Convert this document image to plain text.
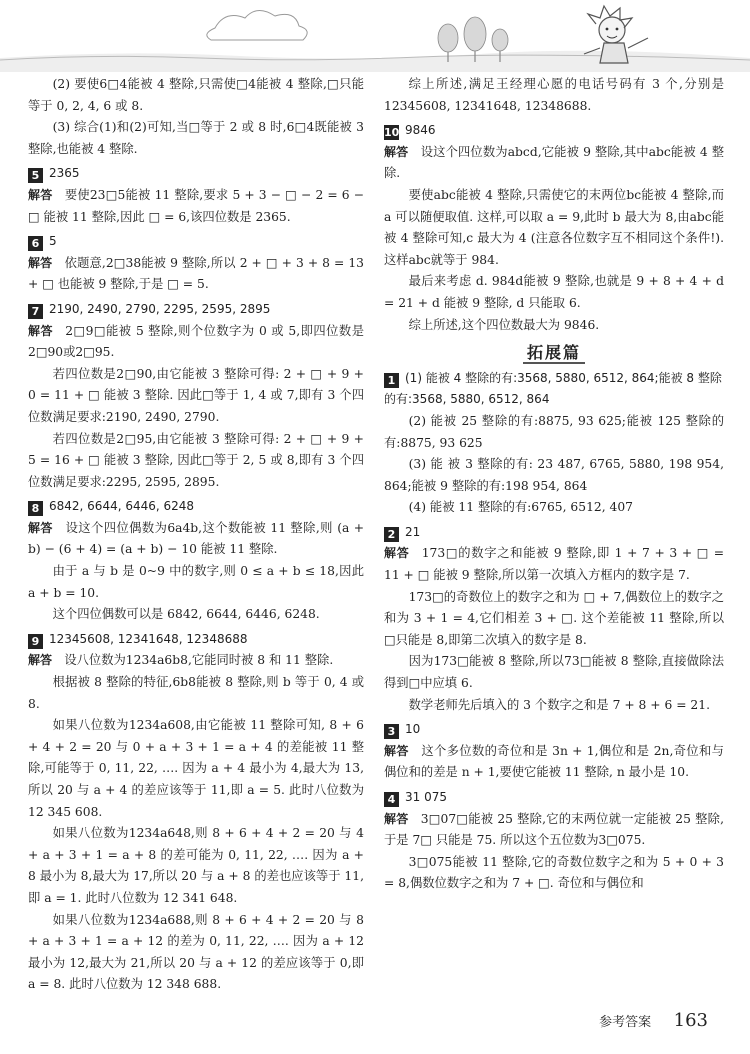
(2) 要使6□4能被 4 整除,只需使□4能被 4 整除,□只能等于 0, 2, 4, 6 或 8.

(3) 综合(1)和(2)可知,当□等于 2 或 8 时,6□4既能被 3 整除,也能被 4 整除.

5 2365

解答  要使23□5能被 11 整除,要求 5 + 3 − □ − 2 = 6 − □ 能被 11 整除,因此 □ = 6,该四位数是 2365.

6 5

解答  依题意,2□38能被 9 整除,所以 2 + □ + 3 + 8 = 13 + □ 也能被 9 整除,于是 □ = 5.

7 2190, 2490, 2790, 2295, 2595, 2895

解答  2□9□能被 5 整除,则个位数字为 0 或 5,即四位数是 2□90或2□95.

若四位数是2□90,由它能被 3 整除可得: 2 + □ + 9 + 0 = 11 + □ 能被 3 整除. 因此□等于 1, 4 或 7,即有 3 个四位数满足要求:2190, 2490, 2790.

若四位数是2□95,由它能被 3 整除可得: 2 + □ + 9 + 5 = 16 + □ 能被 3 整除, 因此□等于 2, 5 或 8,即有 3 个四位数满足要求:2295, 2595, 2895.

8 6842, 6644, 6446, 6248

解答  设这个四位偶数为6a4b,这个数能被 11 整除,则 (a + b) − (6 + 4) = (a + b) − 10 能被 11 整除.

由于 a 与 b 是 0~9 中的数字,则 0 ≤ a + b ≤ 18,因此 a + b = 10.

这个四位偶数可以是 6842, 6644, 6446, 6248.

9 12345608, 12341648, 12348688

解答  设八位数为1234a6b8,它能同时被 8 和 11 整除.

根据被 8 整除的特征,6b8能被 8 整除,则 b 等于 0, 4 或 8.

如果八位数为1234a608,由它能被 11 整除可知, 8 + 6 + 4 + 2 = 20 与 0 + a + 3 + 1 = a + 4 的差能被 11 整除,可能等于 0, 11, 22, …. 因为 a + 4 最小为 4,最大为 13,所以 20 与 a + 4 的差应该等于 11,即 a = 5. 此时八位数为 12 345 608.

如果八位数为1234a648,则 8 + 6 + 4 + 2 = 20 与 4 + a + 3 + 1 = a + 8 的差可能为 0, 11, 22, …. 因为 a + 8 最小为 8,最大为 17,所以 20 与 a + 8 的差也应该等于 11,即 a = 1. 此时八位数为 12 341 648.

如果八位数为1234a688,则 8 + 6 + 4 + 2 = 20 与 8 + a + 3 + 1 = a + 12 的差为 0, 11, 22, …. 因为 a + 12 最小为 12,最大为 21,所以 20 与 a + 12 的差应该等于 0,即 a = 8. 此时八位数为 12 348 688.

综上所述,满足王经理心愿的电话号码有 3 个,分别是 12345608, 12341648, 12348688.

10 9846

解答  设这个四位数为abcd,它能被 9 整除,其中abc能被 4 整除.

要使abc能被 4 整除,只需使它的末两位bc能被 4 整除,而 a 可以随便取值. 这样,可以取 a = 9,此时 b 最大为 8,由abc能被 4 整除可知,c 最大为 4 (注意各位数字互不相同这个条件!). 这样abc就等于 984.

最后来考虑 d. 984d能被 9 整除,也就是 9 + 8 + 4 + d = 21 + d 能被 9 整除, d 只能取 6.

综上所述,这个四位数最大为 9846.

拓展篇
1 (1) 能被 4 整除的有:3568, 5880, 6512, 864;能被 8 整除的有:3568, 5880, 6512, 864

(2) 能被 25 整除的有:8875, 93 625;能被 125 整除的有:8875, 93 625

(3) 能 被 3 整除的有: 23 487, 6765, 5880, 198 954, 864;能被 9 整除的有:198 954, 864

(4) 能被 11 整除的有:6765, 6512, 407

2 21

解答  173□的数字之和能被 9 整除,即 1 + 7 + 3 + □ = 11 + □ 能被 9 整除,所以第一次填入方框内的数字是 7.

173□的奇数位上的数字之和为 □ + 7,偶数位上的数字之和为 3 + 1 = 4,它们相差 3 + □. 这个差能被 11 整除,所以□只能是 8,即第二次填入的数字是 8.

因为173□能被 8 整除,所以73□能被 8 整除,直接做除法得到□中应填 6.

数学老师先后填入的 3 个数字之和是 7 + 8 + 6 = 21.

3 10

解答  这个多位数的奇位和是 3n + 1,偶位和是 2n,奇位和与偶位和的差是 n + 1,要使它能被 11 整除, n 最小是 10.

4 31 075

解答  3□07□能被 25 整除,它的末两位就一定能被 25 整除,于是 7□ 只能是 75. 所以这个五位数为3□075.

3□075能被 11 整除,它的奇数位数字之和为 5 + 0 + 3 = 8,偶数位数字之和为 7 + □. 奇位和与偶位和

参考答案 163
